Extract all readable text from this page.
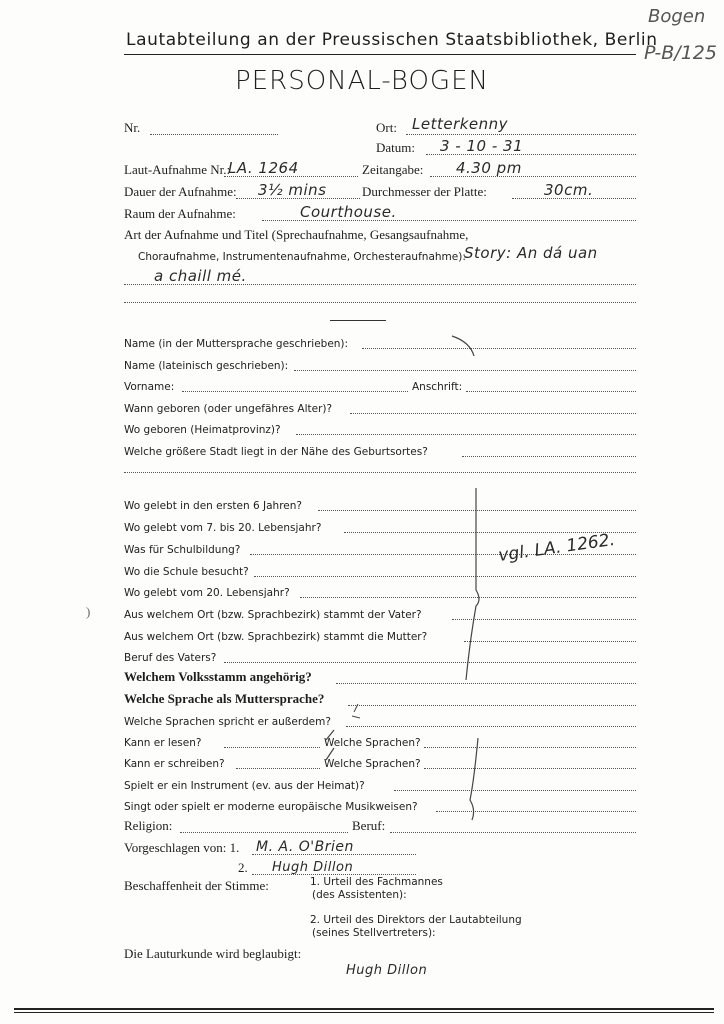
Lautabteilung an der Preussischen Staatsbibliothek, Berlin
PERSONAL-BOGEN
Bogen
P-B/125
Nr.	Ort: Letterkenny
Datum: 3 - 10 - 31
Laut-Aufnahme Nr.:
LA. 1264	Zeitangabe: 4.30 pm
Dauer der Aufnahme: 3½ mins	Durchmesser der Platte:	30cm.
Raum der Aufnahme:	Courthouse.
Art der Aufnahme und Titel (Sprechaufnahme, Gesangsaufnahme,
Choraufnahme, Instrumentenaufnahme, Orchesteraufnahme):
Story: An dá uan
a chaill mé.
Name (in der Muttersprache geschrieben):
Name (lateinisch geschrieben):
Vorname:	Anschrift:
Wann geboren (oder ungefähres Alter)?
Wo geboren (Heimatprovinz)?
Welche größere Stadt liegt in der Nähe des Geburtsortes?
Wo gelebt in den ersten 6 Jahren?
Wo gelebt vom 7. bis 20. Lebensjahr?
Was für Schulbildung?
Wo die Schule besucht?
Wo gelebt vom 20. Lebensjahr?
Aus welchem Ort (bzw. Sprachbezirk) stammt der Vater?
Aus welchem Ort (bzw. Sprachbezirk) stammt die Mutter?
Beruf des Vaters?
Welchem Volksstamm angehörig?
Welche Sprache als Muttersprache?
Welche Sprachen spricht er außerdem?
Kann er lesen?	Welche Sprachen?
Kann er schreiben?	Welche Sprachen?
Spielt er ein Instrument (ev. aus der Heimat)?
Singt oder spielt er moderne europäische Musikweisen?
Religion:	Beruf:
Vorgeschlagen von: 1. M. A. O'Brien
2. Hugh Dillon
Beschaffenheit der Stimme:	1. Urteil des Fachmannes
(des Assistenten):
2. Urteil des Direktors der Lautabteilung
(seines Stellvertreters):
Die Lauturkunde wird beglaubigt:
Hugh Dillon
vgl. LA. 1262.
)
